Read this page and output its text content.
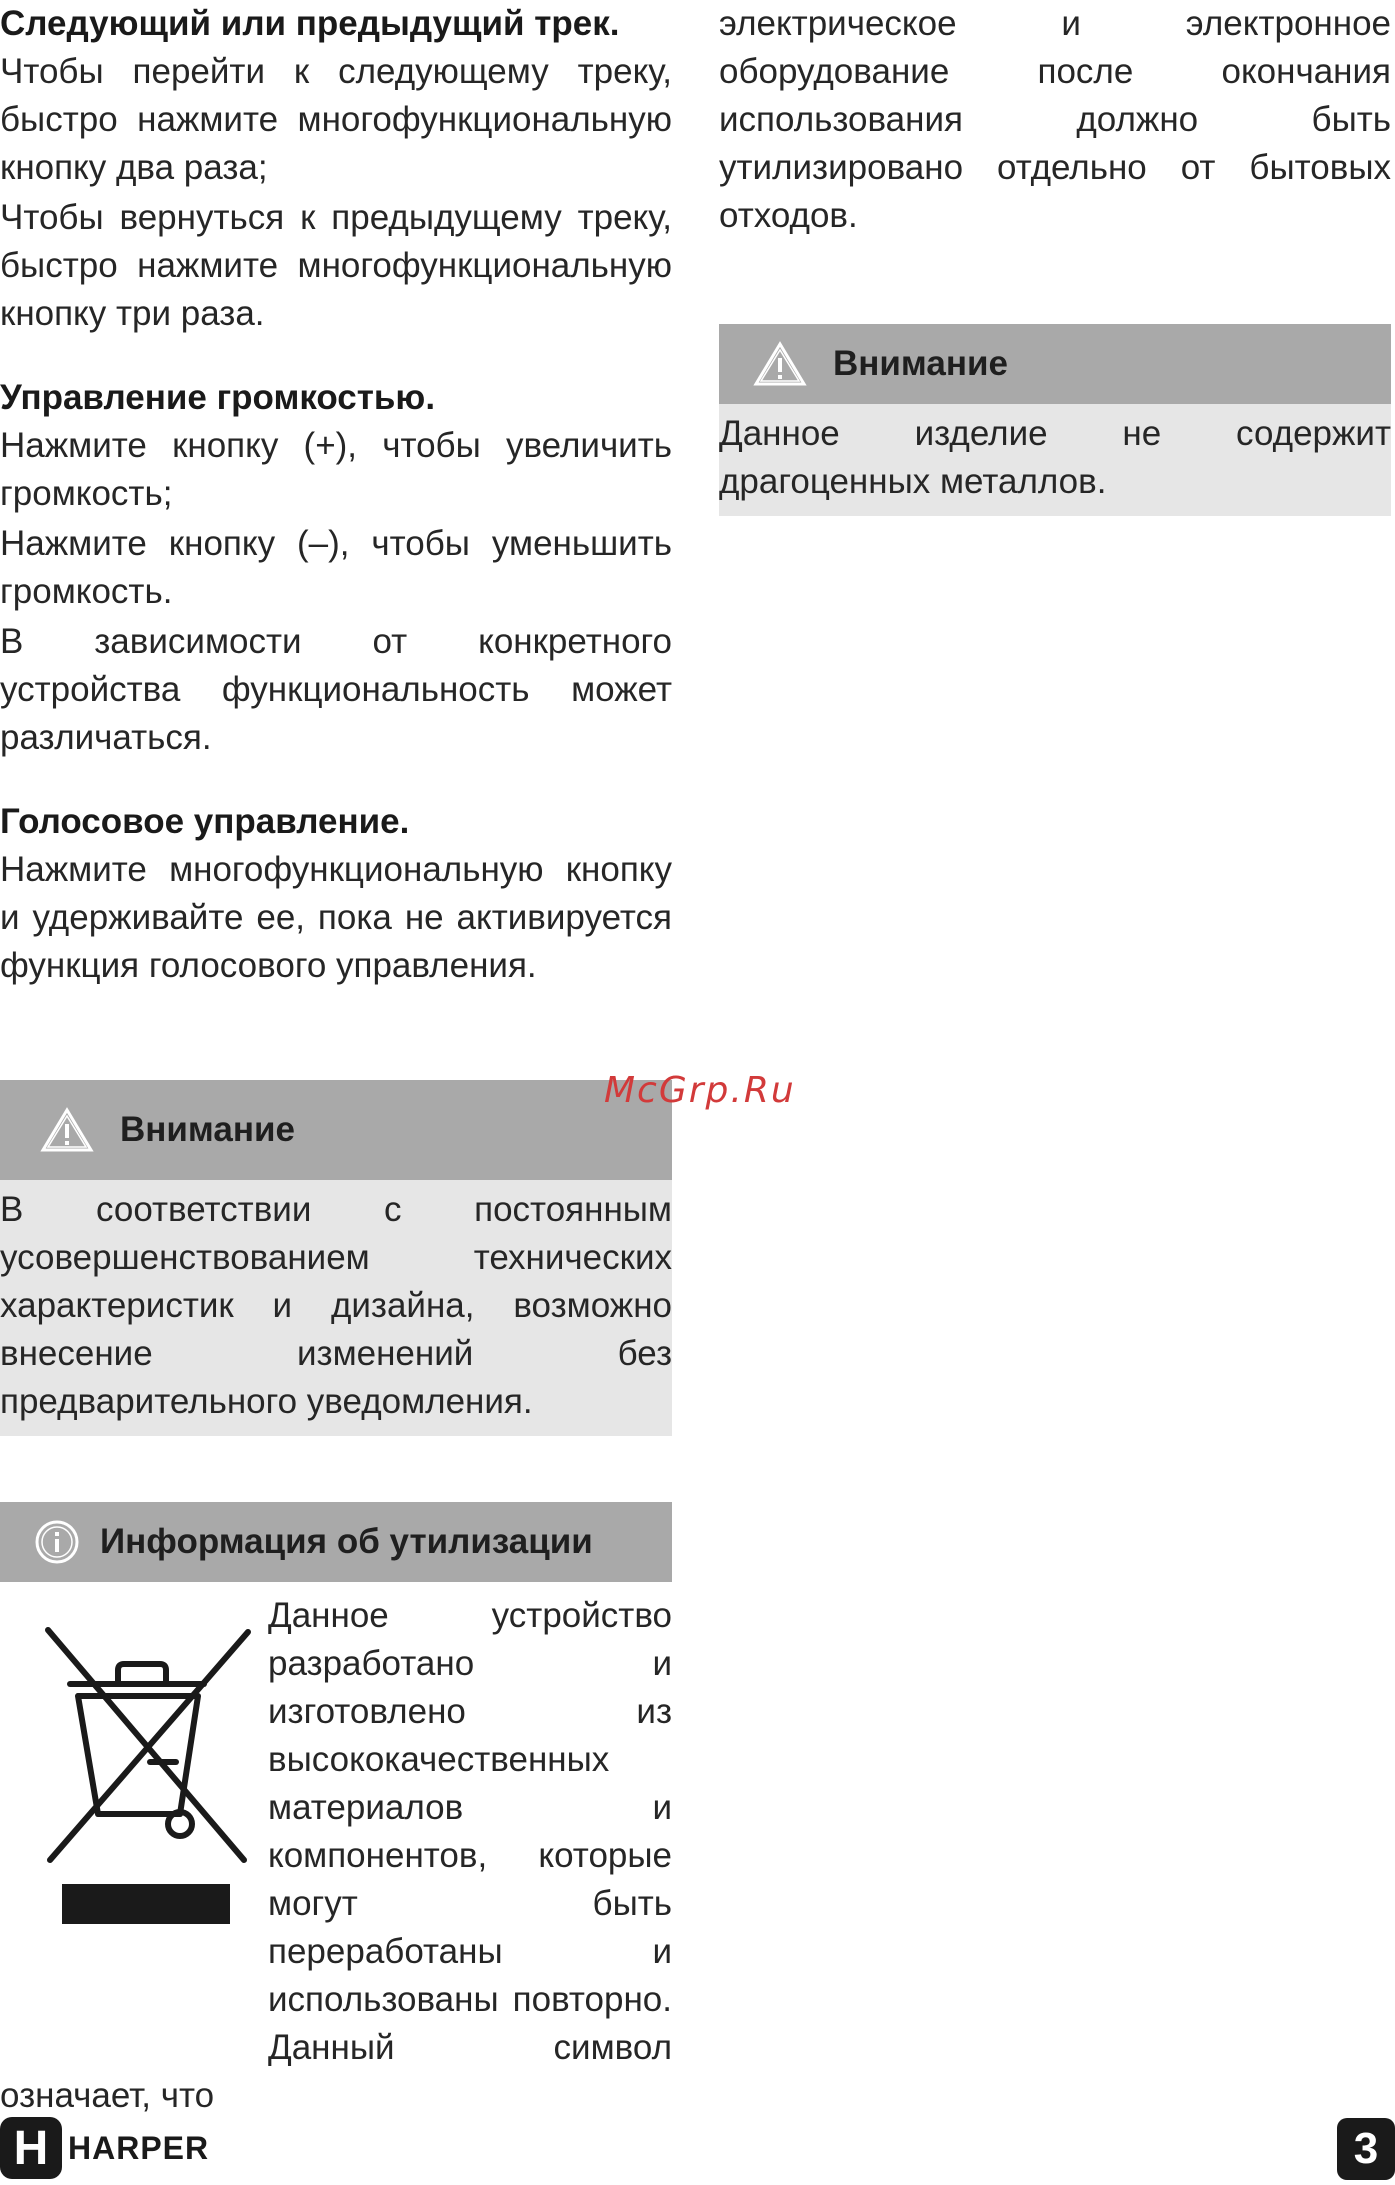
Следующий или предыдущий трек.

Чтобы перейти к следующему треку, быстро нажмите многофункциональную кнопку два раза;

Чтобы вернуться к предыдущему треку, быстро нажмите многофункциональную кнопку три раза.

Управление громкостью.

Нажмите кнопку (+), чтобы увеличить громкость;

Нажмите кнопку (–), чтобы уменьшить громкость.

В зависимости от конкретного устройства функциональность может различаться.

Голосовое управление.

Нажмите многофункциональную кнопку и удерживайте ее, пока не активируется функция голосового управления.

Внимание

В соответствии с постоянным усовершенствованием технических характеристик и дизайна, возможно внесение изменений без предварительного уведомления.

Информация об утилизации

Данное устройство разработано и изготовлено из высококачественных материалов и компонентов, которые могут быть переработаны и использованы повторно. Данный символ означает, что

электрическое и электронное оборудование после окончания использования должно быть утилизировано отдельно от бытовых отходов.

Внимание

Данное изделие не содержит драгоценных металлов.

McGrp.Ru
H HARPER	3
